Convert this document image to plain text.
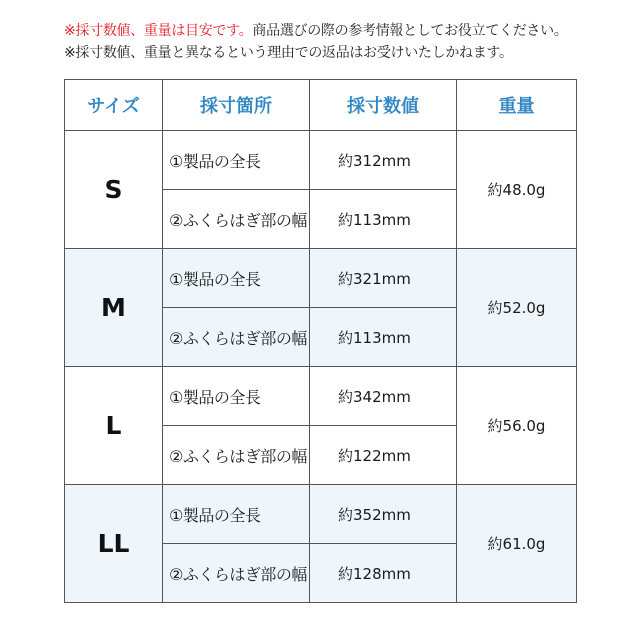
※採寸数値、重量は目安です。商品選びの際の参考情報としてお役立てください。
※採寸数値、重量と異なるという理由での返品はお受けいたしかねます。
サイズ	採寸箇所	採寸数値	重量
S	①製品の全長	約312mm	約48.0g
	②ふくらはぎ部の幅	約113mm	
M	①製品の全長	約321mm	約52.0g
	②ふくらはぎ部の幅	約113mm	
L	①製品の全長	約342mm	約56.0g
	②ふくらはぎ部の幅	約122mm	
LL	①製品の全長	約352mm	約61.0g
	②ふくらはぎ部の幅	約128mm	
